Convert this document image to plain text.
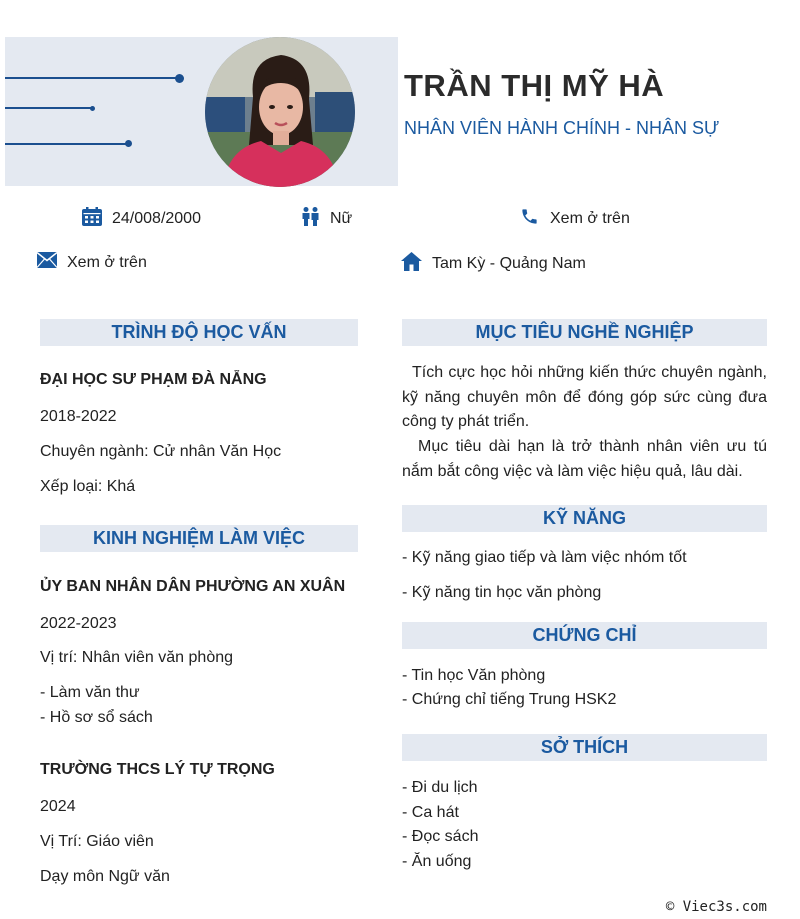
TRẦN THỊ MỸ HÀ
NHÂN VIÊN HÀNH CHÍNH - NHÂN SỰ
24/008/2000	Nữ	Xem ở trên
Xem ở trên	Tam Kỳ - Quảng Nam
TRÌNH ĐỘ HỌC VẤN
ĐẠI HỌC SƯ PHẠM ĐÀ NẴNG
2018-2022
Chuyên ngành: Cử nhân Văn Học
Xếp loại: Khá
KINH NGHIỆM LÀM VIỆC
ỦY BAN NHÂN DÂN PHƯỜNG AN XUÂN
2022-2023
Vị trí: Nhân viên văn phòng
- Làm văn thư
- Hồ sơ sổ sách
TRƯỜNG THCS LÝ TỰ TRỌNG
2024
Vị Trí: Giáo viên
Dạy môn Ngữ văn
MỤC TIÊU NGHỀ NGHIỆP
Tích cực học hỏi những kiến thức chuyên ngành, kỹ năng chuyên môn để đóng góp sức cùng đưa công ty phát triển.
Mục tiêu dài hạn là trở thành nhân viên ưu tú nắm bắt công việc và làm việc hiệu quả, lâu dài.
KỸ NĂNG
- Kỹ năng giao tiếp và làm việc nhóm tốt
- Kỹ năng tin học văn phòng
CHỨNG CHỈ
- Tin học Văn phòng
- Chứng chỉ tiếng Trung HSK2
SỞ THÍCH
- Đi du lịch
- Ca hát
- Đọc sách
- Ăn uống
© Viec3s.com
